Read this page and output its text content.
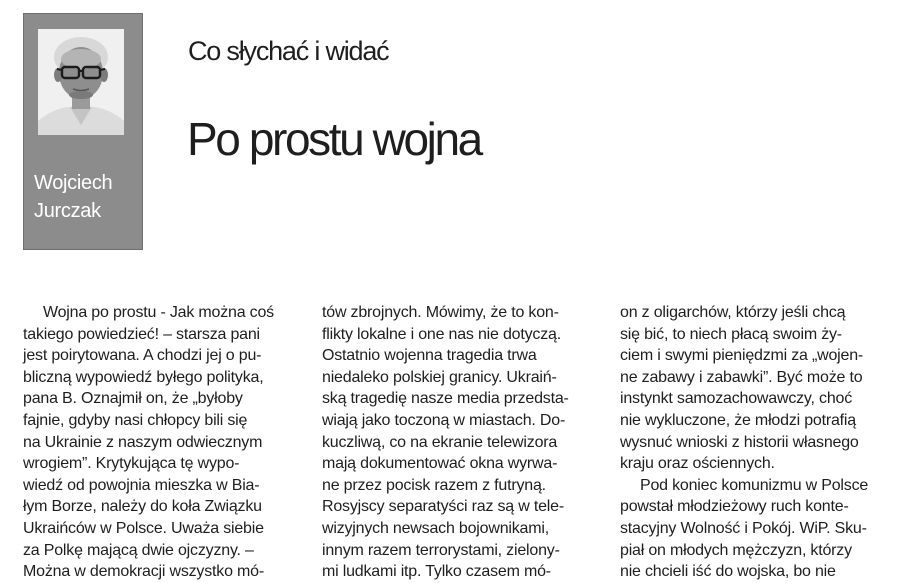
Wojciech
Jurczak
Co słychać i widać
Po prostu wojna
Wojna po prostu - Jak można coś
takiego powiedzieć! – starsza pani
jest poirytowana. A chodzi jej o pu-
bliczną wypowiedź byłego polityka,
pana B. Oznajmił on, że „byłoby
fajnie, gdyby nasi chłopcy bili się
na Ukrainie z naszym odwiecznym
wrogiem”. Krytykująca tę wypo-
wiedź od powojnia mieszka w Bia-
łym Borze, należy do koła Związku
Ukraińców w Polsce. Uważa siebie
za Polkę mającą dwie ojczyzny. –
Można w demokracji wszystko mó-
tów zbrojnych. Mówimy, że to kon-
flikty lokalne i one nas nie dotyczą.
Ostatnio wojenna tragedia trwa
niedaleko polskiej granicy. Ukraiń-
ską tragedię nasze media przedsta-
wiają jako toczoną w miastach. Do-
kuczliwą, co na ekranie telewizora
mają dokumentować okna wyrwa-
ne przez pocisk razem z futryną.
Rosyjscy separatyści raz są w tele-
wizyjnych newsach bojownikami,
innym razem terrorystami, zielony-
mi ludkami itp. Tylko czasem mó-
on z oligarchów, którzy jeśli chcą
się bić, to niech płacą swoim ży-
ciem i swymi pieniędzmi za „wojen-
ne zabawy i zabawki”. Być może to
instynkt samozachowawczy, choć
nie wykluczone, że młodzi potrafią
wysnuć wnioski z historii własnego
kraju oraz ościennych.
Pod koniec komunizmu w Polsce
powstał młodzieżowy ruch konte-
stacyjny Wolność i Pokój. WiP. Sku-
piał on młodych mężczyzn, którzy
nie chcieli iść do wojska, bo nie
